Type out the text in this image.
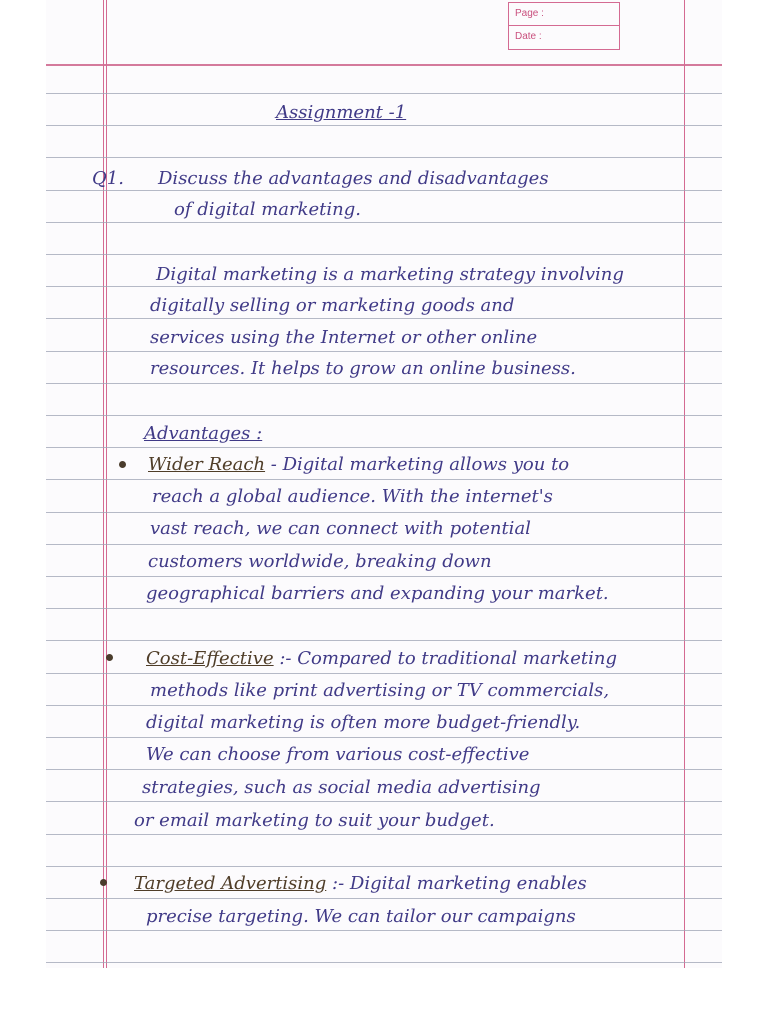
Page :
Date :
Assignment -1
Q1. Discuss the advantages and disadvantages
of digital marketing.
Digital marketing is a marketing strategy involving
digitally selling or marketing goods and
services using the Internet or other online
resources. It helps to grow an online business.
Advantages :
Wider Reach - Digital marketing allows you to
reach a global audience. With the internet's
vast reach, we can connect with potential
customers worldwide, breaking down
geographical barriers and expanding your market.
Cost-Effective :- Compared to traditional marketing
methods like print advertising or TV commercials,
digital marketing is often more budget-friendly.
We can choose from various cost-effective
strategies, such as social media advertising
or email marketing to suit your budget.
Targeted Advertising :- Digital marketing enables
precise targeting. We can tailor our campaigns
